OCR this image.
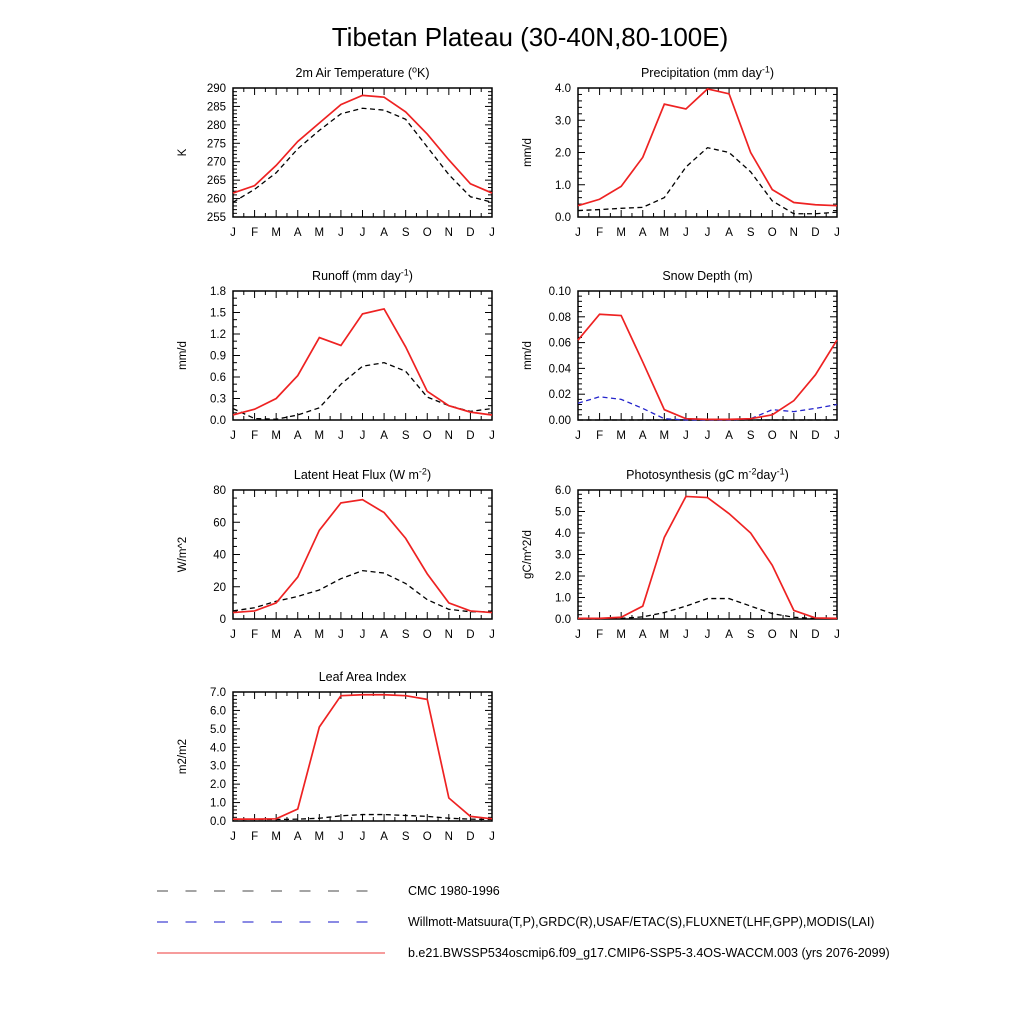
Tibetan Plateau (30-40N,80-100E)
255
260
265
270
275
280
285
290
J F M A M J J A S O N D J
K
2m Air Temperature ($^o$K)
0.0
1.0
2.0
3.0
4.0
J F M A M J J A S O N D J
mm/d
Precipitation (mm day$^{-1}$)
0.0
0.3
0.6
0.9
1.2
1.5
1.8
J F M A M J J A S O N D J
mm/d
Runoff (mm day$^{-1}$)
0.00
0.02
0.04
0.06
0.08
0.10
J F M A M J J A S O N D J
mm/d
Snow Depth (m)
0
20
40
60
80
J F M A M J J A S O N D J
W/m^2
Latent Heat Flux (W $m^{-2}$)
0.0
1.0
2.0
3.0
4.0
5.0
6.0
J F M A M J J A S O N D J
gC/m^2/d
Photosynthesis (gC $m^{-2}day^{-1}$)
0.0
1.0
2.0
3.0
4.0
5.0
6.0
7.0
J F M A M J J A S O N D J
m2/m2
Leaf Area Index
CMC 1980-1996
Willmott-Matsuura(T,P),GRDC(R),USAF/ETAC(S),FLUXNET(LHF,GPP),MODIS(LAI)
b.e21.BWSSP534oscmip6.f09_g17.CMIP6-SSP5-3.4OS-WACCM.003 (yrs 2076-2099)
